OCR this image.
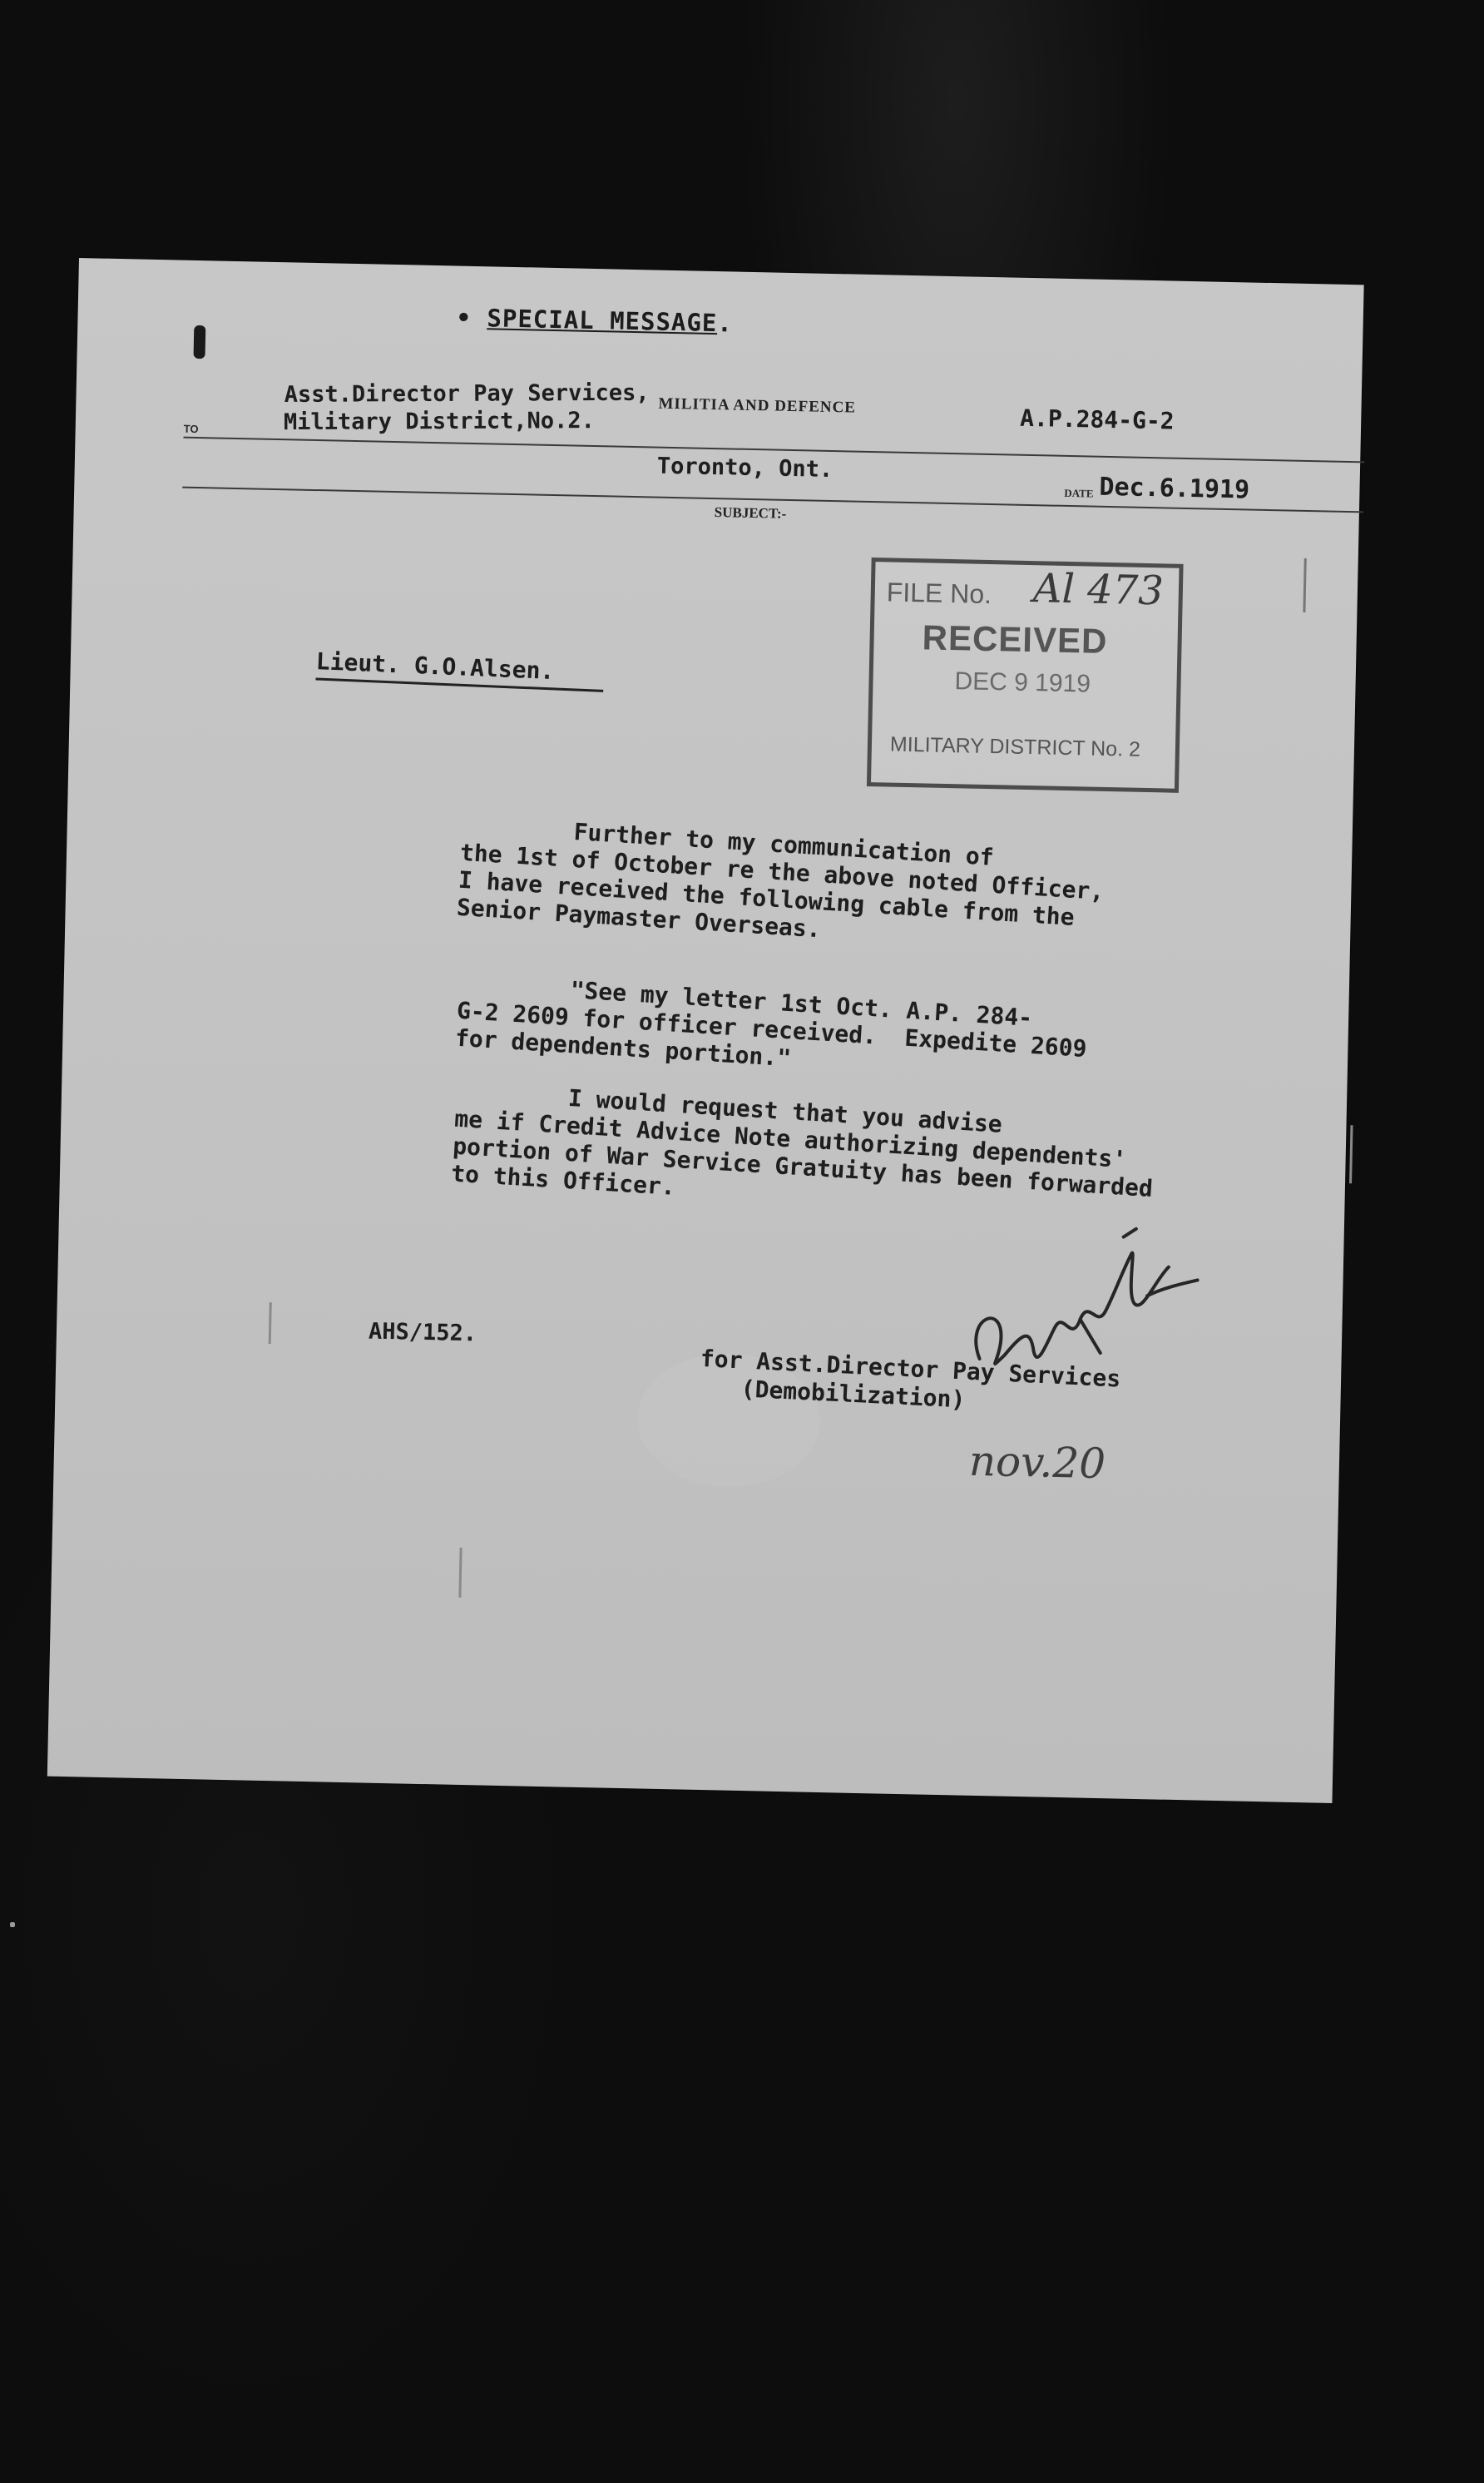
• SPECIAL MESSAGE.
TO
Asst.Director Pay Services,
Military District,No.2.
MILITIA AND DEFENCE	A.P.284-G-2
Toronto, Ont.
DATE Dec.6.1919
SUBJECT:-
FILE No. Al 473
RECEIVED
DEC 9 1919
MILITARY DISTRICT No. 2
Lieut. G.O.Alsen.
Further to my communication of
the 1st of October re the above noted Officer,
I have received the following cable from the
Senior Paymaster Overseas.
"See my letter 1st Oct. A.P. 284-
G-2 2609 for officer received.  Expedite 2609
for dependents portion."
I would request that you advise
me if Credit Advice Note authorizing dependents'
portion of War Service Gratuity has been forwarded
to this Officer.
AHS/152.
for Asst.Director Pay Services
(Demobilization)
nov.20
